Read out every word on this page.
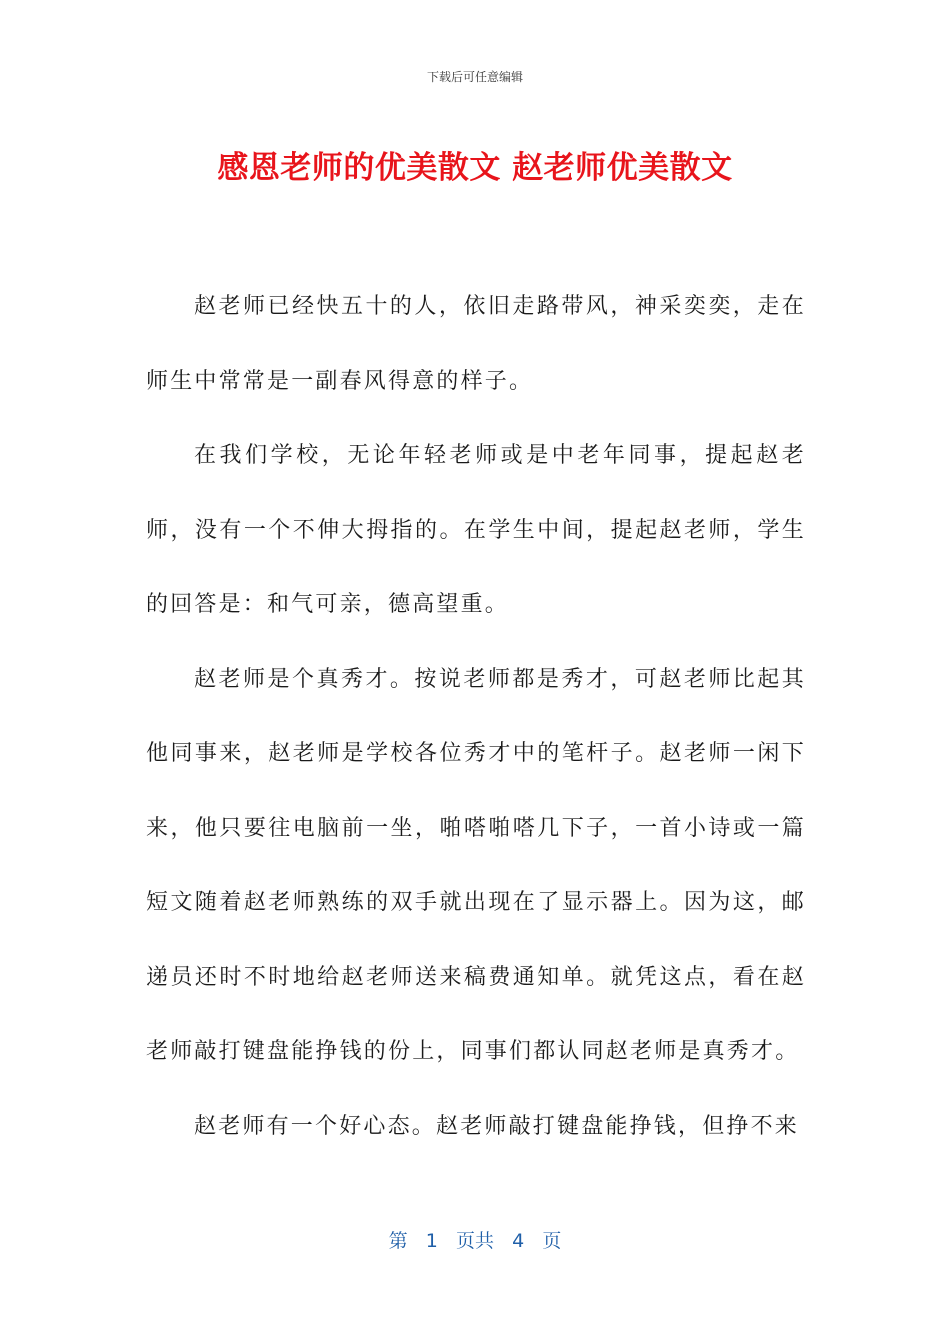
下载后可任意编辑
感恩老师的优美散文 赵老师优美散文

赵老师已经快五十的人，依旧走路带风，神采奕奕，走在师生中常常是一副春风得意的样子。

在我们学校，无论年轻老师或是中老年同事，提起赵老师，没有一个不伸大拇指的。在学生中间，提起赵老师，学生的回答是：和气可亲，德高望重。

赵老师是个真秀才。按说老师都是秀才，可赵老师比起其他同事来，赵老师是学校各位秀才中的笔杆子。赵老师一闲下来，他只要往电脑前一坐，啪嗒啪嗒几下子，一首小诗或一篇短文随着赵老师熟练的双手就出现在了显示器上。因为这，邮递员还时不时地给赵老师送来稿费通知单。就凭这点，看在赵老师敲打键盘能挣钱的份上，同事们都认同赵老师是真秀才。

赵老师有一个好心态。赵老师敲打键盘能挣钱，但挣不来

第 1 页共 4 页
